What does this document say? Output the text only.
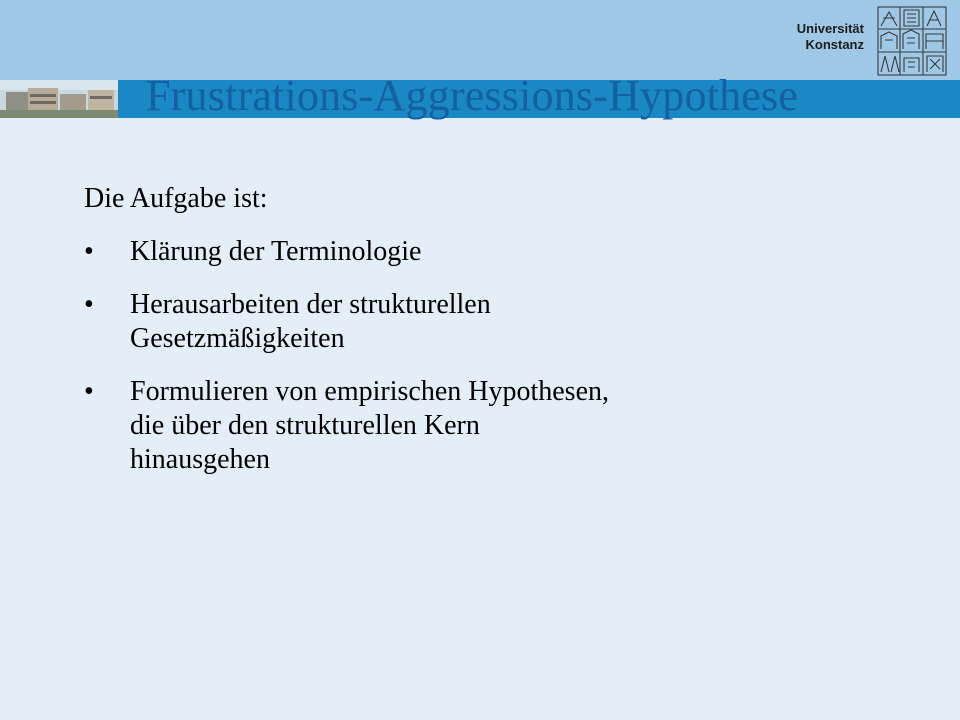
Frustrations-Aggressions-Hypothese
Universität
Konstanz

Die Aufgabe ist:

•	Klärung der Terminologie
•	Herausarbeiten der strukturellen
Gesetzmäßigkeiten
•	Formulieren von empirischen Hypothesen,
die über den strukturellen Kern
hinausgehen
